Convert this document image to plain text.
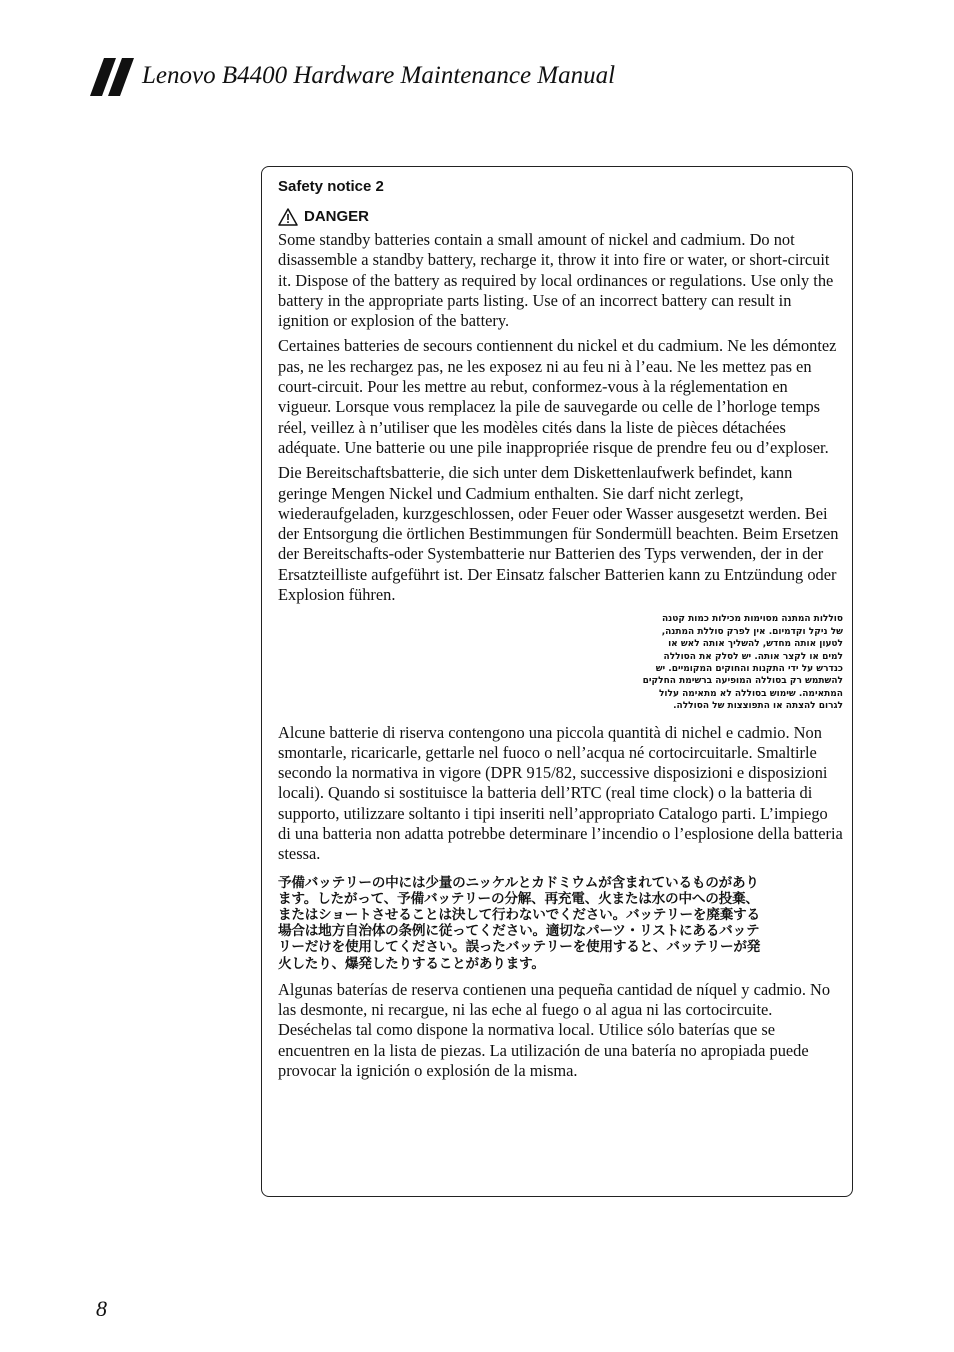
Lenovo B4400 Hardware Maintenance Manual
Safety notice 2
DANGER

Some standby batteries contain a small amount of nickel and cadmium. Do not disassemble a standby battery, recharge it, throw it into fire or water, or short-circuit it. Dispose of the battery as required by local ordinances or regulations. Use only the battery in the appropriate parts listing. Use of an incorrect battery can result in ignition or explosion of the battery.

Certaines batteries de secours contiennent du nickel et du cadmium. Ne les démontez pas, ne les rechargez pas, ne les exposez ni au feu ni à l’eau. Ne les mettez pas en court-circuit. Pour les mettre au rebut, conformez-vous à la réglementation en vigueur. Lorsque vous remplacez la pile de sauvegarde ou celle de l’horloge temps réel, veillez à n’utiliser que les modèles cités dans la liste de pièces détachées adéquate. Une batterie ou une pile inappropriée risque de prendre feu ou d’exploser.

Die Bereitschaftsbatterie, die sich unter dem Diskettenlaufwerk befindet, kann geringe Mengen Nickel und Cadmium enthalten. Sie darf nicht zerlegt, wiederaufgeladen, kurzgeschlossen, oder Feuer oder Wasser ausgesetzt werden. Bei der Entsorgung die örtlichen Bestimmungen für Sondermüll beachten. Beim Ersetzen der Bereitschafts-oder Systembatterie nur Batterien des Typs verwenden, der in der Ersatzteilliste aufgeführt ist. Der Einsatz falscher Batterien kann zu Entzündung oder Explosion führen.

סוללות המתנה מסוימות מכילות כמות קטנה
של ניקל וקדמיום. אין לפרק סוללת המתנה,
לטעון אותה מחדש, להשליך אותה לאש או
למים או לקצר אותה. יש לסלק את הסוללה
כנדרש על ידי התקנות והחוקים המקומיים. יש
להשתמש רק בסוללה המופיעה ברשימת החלקים
המתאימה. שימוש בסוללה לא מתאימה עלול
לגרום להצתה או התפוצצות של הסוללה.

Alcune batterie di riserva contengono una piccola quantità di nichel e cadmio. Non smontarle, ricaricarle, gettarle nel fuoco o nell’acqua né cortocircuitarle. Smaltirle secondo la normativa in vigore (DPR 915/82, successive disposizioni e disposizioni locali). Quando si sostituisce la batteria dell’RTC (real time clock) o la batteria di supporto, utilizzare soltanto i tipi inseriti nell’appropriato Catalogo parti. L’impiego di una batteria non adatta potrebbe determinare l’incendio o l’esplosione della batteria stessa.

予備バッテリーの中には少量のニッケルとカドミウムが含まれているものがあり
ます。したがって、予備バッテリーの分解、再充電、火または水の中への投棄、
またはショートさせることは決して行わないでください。バッテリーを廃棄する
場合は地方自治体の条例に従ってください。適切なパーツ・リストにあるバッテ
リーだけを使用してください。誤ったバッテリーを使用すると、バッテリーが発
火したり、爆発したりすることがあります。

Algunas baterías de reserva contienen una pequeña cantidad de níquel y cadmio. No las desmonte, ni recargue, ni las eche al fuego o al agua ni las cortocircuite. Deséchelas tal como dispone la normativa local. Utilice sólo baterías que se encuentren en la lista de piezas. La utilización de una batería no apropiada puede provocar la ignición o explosión de la misma.

8
